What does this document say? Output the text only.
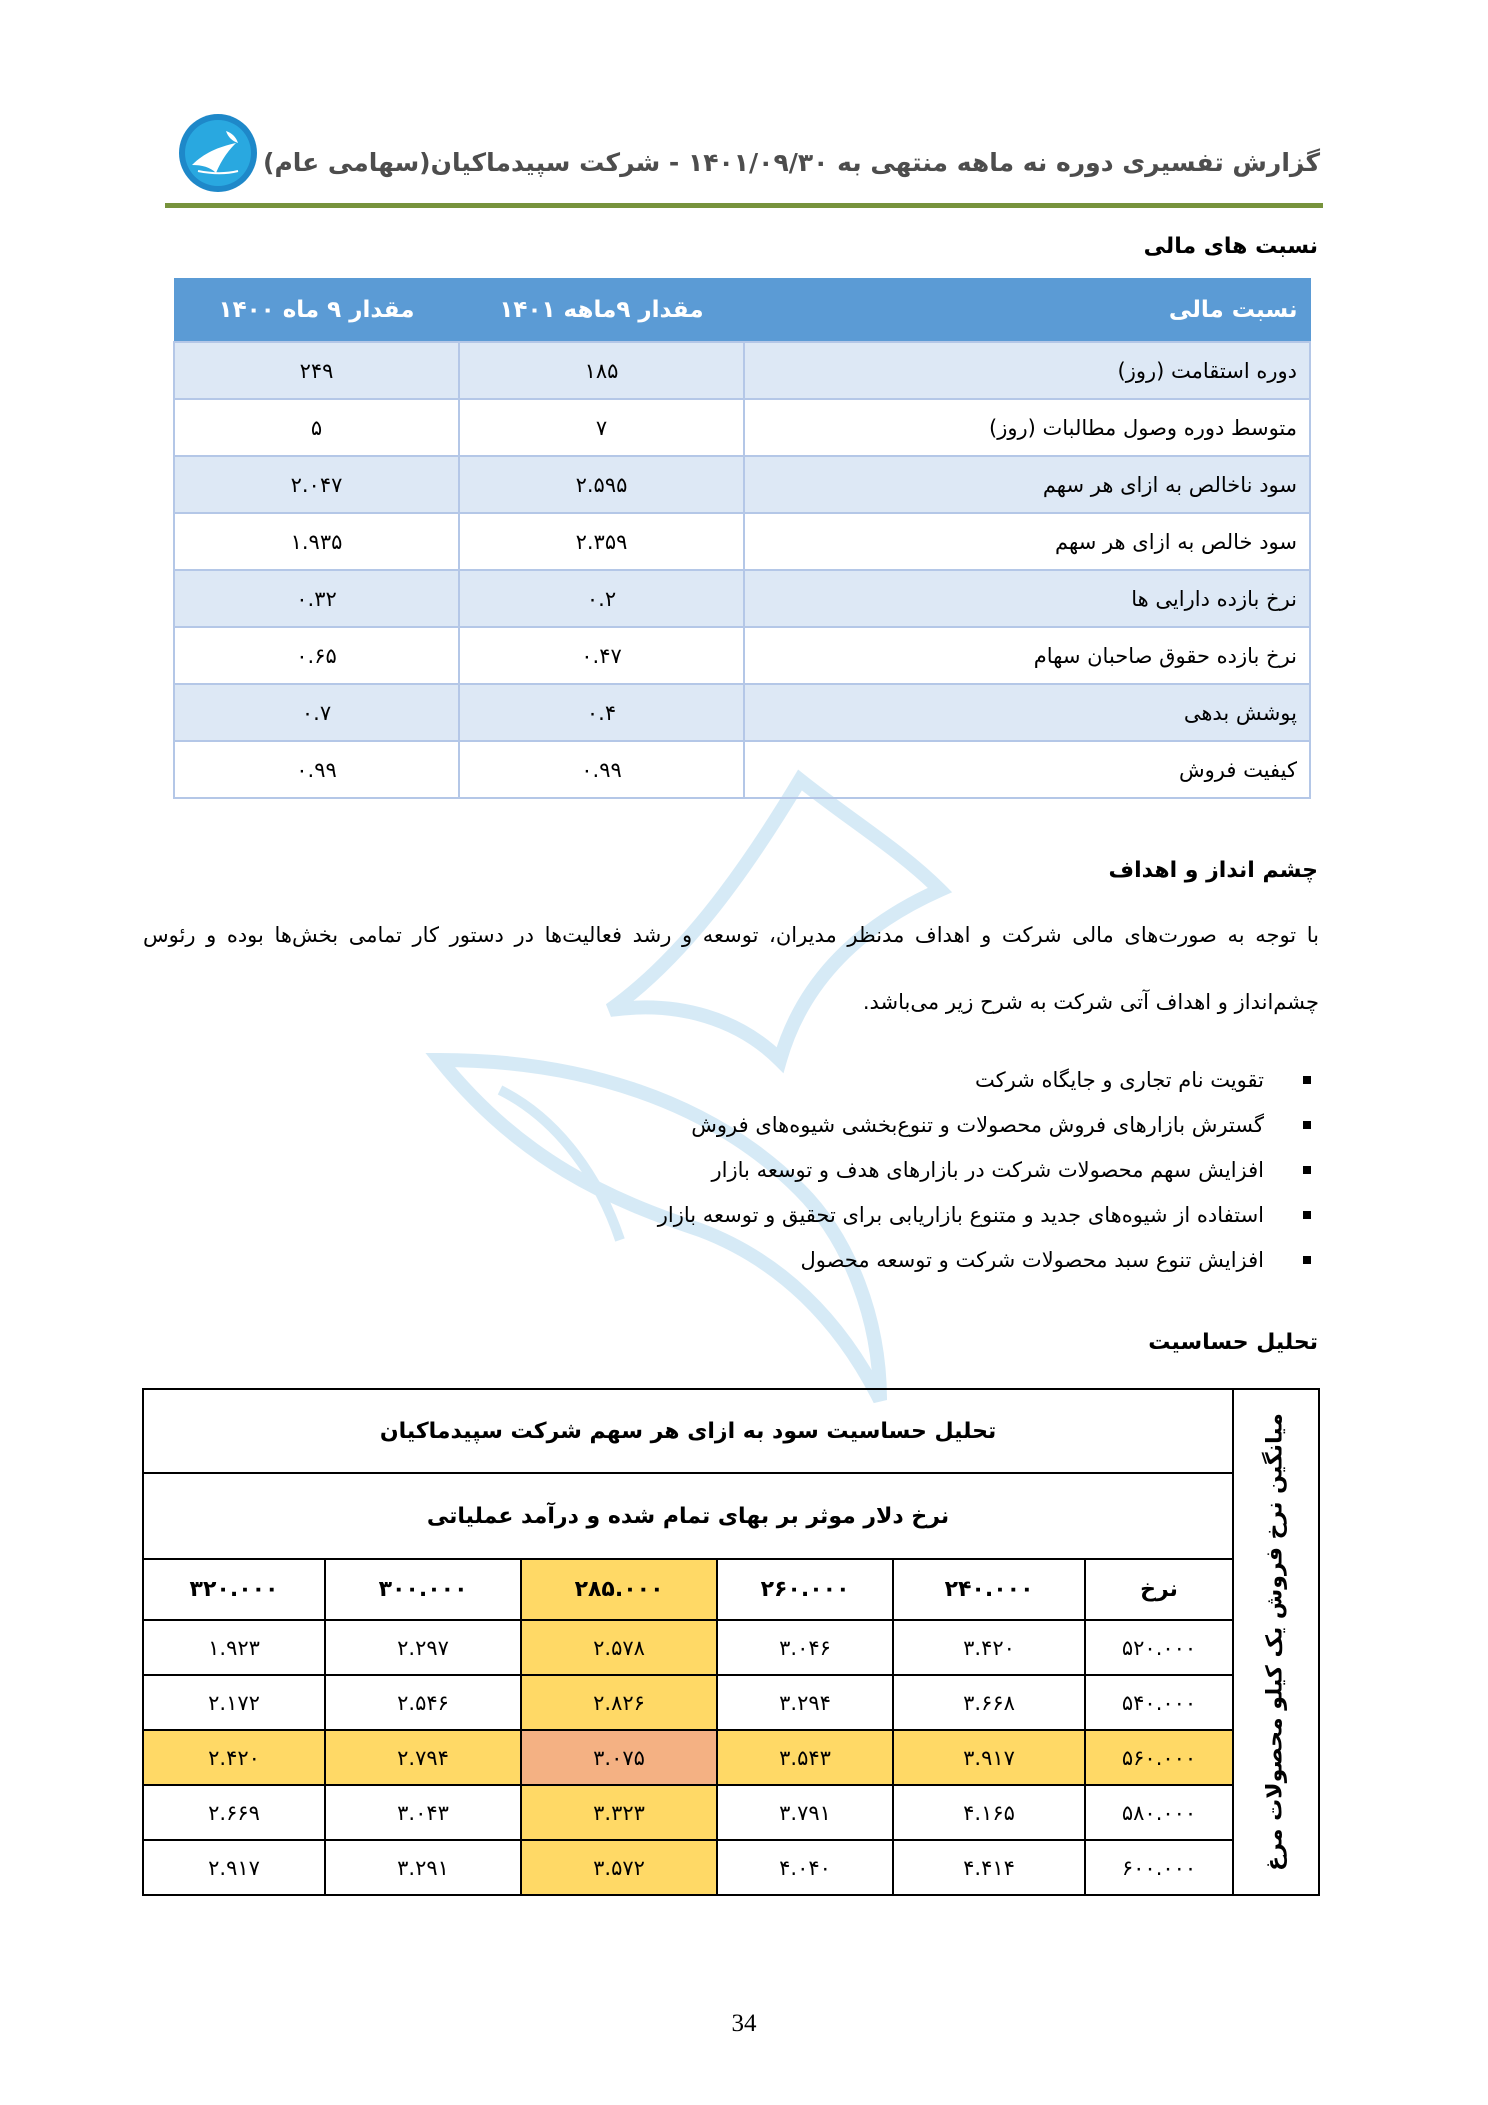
گزارش تفسیری دوره نه ماهه منتهی به ۱۴۰۱/۰۹/۳۰ - شرکت سپیدماکیان(سهامی عام)
نسبت های مالی
نسبت مالی	مقدار ۹ماهه ۱۴۰۱	مقدار ۹ ماه ۱۴۰۰
دوره استقامت (روز)	۱۸۵	۲۴۹
متوسط دوره وصول مطالبات (روز)	۷	۵
سود ناخالص به ازای هر سهم	۲.۵۹۵	۲.۰۴۷
سود خالص به ازای هر سهم	۲.۳۵۹	۱.۹۳۵
نرخ بازده دارایی ها	۰.۲	۰.۳۲
نرخ بازده حقوق صاحبان سهام	۰.۴۷	۰.۶۵
پوشش بدهی	۰.۴	۰.۷
کیفیت فروش	۰.۹۹	۰.۹۹
چشم انداز و اهداف
با توجه به صورت‌های مالی شرکت و اهداف مدنظر مدیران، توسعه و رشد فعالیت‌ها در دستور کار تمامی بخش‌ها بوده و رئوس چشم‌انداز و اهداف آتی شرکت به شرح زیر می‌باشد.
تقویت نام تجاری و جایگاه شرکت
گسترش بازارهای فروش محصولات و تنوع‌بخشی شیوه‌های فروش
افزایش سهم محصولات شرکت در بازارهای هدف و توسعه بازار
استفاده از شیوه‌های جدید و متنوع بازاریابی برای تحقیق و توسعه بازار
افزایش تنوع سبد محصولات شرکت و توسعه محصول
تحلیل حساسیت
میانگین نرخ فروش یک کیلو محصولات مرغ	تحلیل حساسیت سود به ازای هر سهم شرکت سپیدماکیان					
	نرخ دلار موثر بر بهای تمام شده و درآمد عملیاتی					
	نرخ	۲۴۰.۰۰۰	۲۶۰.۰۰۰	۲۸۵.۰۰۰	۳۰۰.۰۰۰	۳۲۰.۰۰۰
	۵۲۰.۰۰۰	۳.۴۲۰	۳.۰۴۶	۲.۵۷۸	۲.۲۹۷	۱.۹۲۳
	۵۴۰.۰۰۰	۳.۶۶۸	۳.۲۹۴	۲.۸۲۶	۲.۵۴۶	۲.۱۷۲
	۵۶۰.۰۰۰	۳.۹۱۷	۳.۵۴۳	۳.۰۷۵	۲.۷۹۴	۲.۴۲۰
	۵۸۰.۰۰۰	۴.۱۶۵	۳.۷۹۱	۳.۳۲۳	۳.۰۴۳	۲.۶۶۹
	۶۰۰.۰۰۰	۴.۴۱۴	۴.۰۴۰	۳.۵۷۲	۳.۲۹۱	۲.۹۱۷
34
